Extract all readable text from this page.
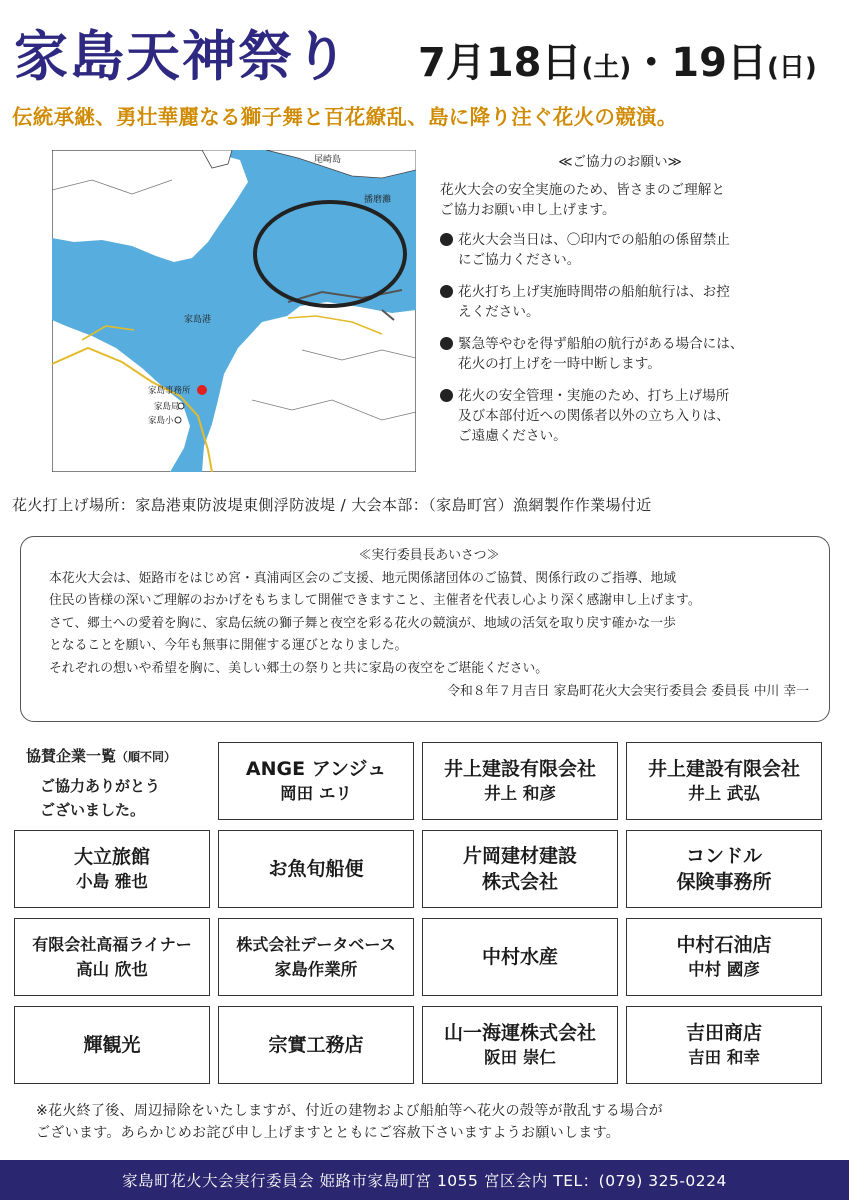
家島天神祭り 7月18日(土)・19日(日)
伝統承継、勇壮華麗なる獅子舞と百花繚乱、島に降り注ぐ花火の競演。
尾崎島
播磨灘
家島港
家島事務所
家島局
家島小
≪ご協力のお願い≫
花火大会の安全実施のため、皆さまのご理解と
ご協力お願い申し上げます。
花火大会当日は、〇印内での船舶の係留禁止
にご協力ください。
花火打ち上げ実施時間帯の船舶航行は、お控
えください。
緊急等やむを得ず船舶の航行がある場合には、
花火の打上げを一時中断します。
花火の安全管理・実施のため、打ち上げ場所
及び本部付近への関係者以外の立ち入りは、
ご遠慮ください。
花火打上げ場所：家島港東防波堤東側浮防波堤 / 大会本部：（家島町宮）漁網製作作業場付近
≪実行委員長あいさつ≫

本花火大会は、姫路市をはじめ宮・真浦両区会のご支援、地元関係諸団体のご協賛、関係行政のご指導、地域

住民の皆様の深いご理解のおかげをもちまして開催できますこと、主催者を代表し心より深く感謝申し上げます。

さて、郷土への愛着を胸に、家島伝統の獅子舞と夜空を彩る花火の競演が、地域の活気を取り戻す確かな一歩

となることを願い、今年も無事に開催する運びとなりました。

それぞれの想いや希望を胸に、美しい郷土の祭りと共に家島の夜空をご堪能ください。

令和８年７月吉日 家島町花火大会実行委員会 委員長 中川 幸一

協賛企業一覧（順不同）
ご協力ありがとう
ございました。
ANGE アンジュ
岡田 エリ
井上建設有限会社
井上 和彦
井上建設有限会社
井上 武弘
大立旅館
小島 雅也
お魚旬船便
片岡建材建設
株式会社
コンドル
保険事務所
有限会社高福ライナー
高山 欣也
株式会社データベース
家島作業所
中村水産
中村石油店
中村 國彦
輝観光	宗實工務店
山一海運株式会社
阪田 崇仁
吉田商店
吉田 和幸
※花火終了後、周辺掃除をいたしますが、付近の建物および船舶等へ花火の殻等が散乱する場合が
ございます。あらかじめお詫び申し上げますとともにご容赦下さいますようお願いします。
家島町花火大会実行委員会 姫路市家島町宮 1055 宮区会内 TEL：(079) 325-0224
